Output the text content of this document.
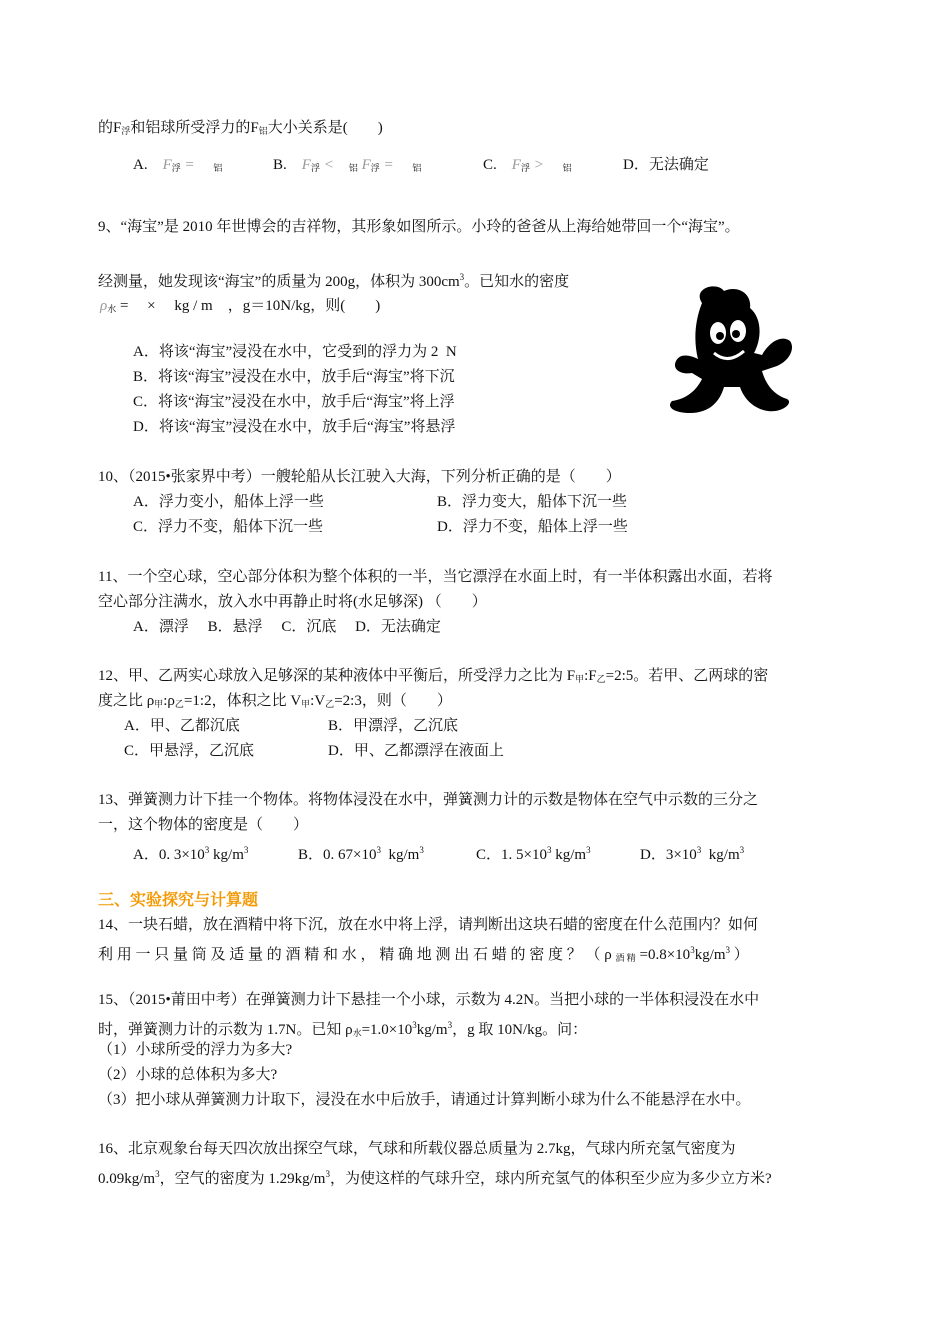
的$F_浮$和铝球所受浮力的$F_铝$大小关系是(　　)
A.　$F_浮$ =　 $_铝$	B.　$F_浮$ <　$_铝$ $F_浮$ =　 $_铝$	C.　$F_浮$ >　 $_铝$	D．无法确定
9、“海宝”是 2010 年世博会的吉祥物，其形象如图所示。小玲的爸爸从上海给她带回一个“海宝”。
经测量，她发现该“海宝”的质量为 200g，体积为 $300cm^3$。已知水的密度
$\rho_水$ =　 ×　 kg / m　，g＝10N/kg，则(　　)
A．将该“海宝”浸没在水中，它受到的浮力为 2  N
B．将该“海宝”浸没在水中，放手后“海宝”将下沉
C．将该“海宝”浸没在水中，放手后“海宝”将上浮
D．将该“海宝”浸没在水中，放手后“海宝”将悬浮
10、（2015•张家界中考）一艘轮船从长江驶入大海，下列分析正确的是（　　）
A．浮力变小，船体上浮一些	B．浮力变大，船体下沉一些
C．浮力不变，船体下沉一些	D．浮力不变，船体上浮一些
11、一个空心球，空心部分体积为整个体积的一半，当它漂浮在水面上时，有一半体积露出水面，若将
空心部分注满水，放入水中再静止时将(水足够深) （　　）
A．漂浮　 B．悬浮　 C．沉底　 D．无法确定
12、甲、乙两实心球放入足够深的某种液体中平衡后，所受浮力之比为 $F_甲:F_乙=2:5$。若甲、乙两球的密
度之比 $\rho_甲:\rho_乙=1:2$，体积之比 $V_甲:V_乙=2:3$，则（　　）
A．甲、乙都沉底	B．甲漂浮，乙沉底
C．甲悬浮，乙沉底	D．甲、乙都漂浮在液面上
13、弹簧测力计下挂一个物体。将物体浸没在水中，弹簧测力计的示数是物体在空气中示数的三分之
一，这个物体的密度是（　　）
A．0. $3\times 10^3$ $kg/m^3$	B．0. $67\times 10^3$  $kg/m^3$	C．1. $5\times 10^3$ $kg/m^3$	D．$3\times 10^3$  $kg/m^3$
三、实验探究与计算题
14、一块石蜡，放在酒精中将下沉，放在水中将上浮，请判断出这块石蜡的密度在什么范围内？如何
利 用 一 只 量 筒 及 适 量 的 酒 精 和 水 ， 精 确 地 测 出 石 蜡 的 密 度 ？ （ ρ $_{酒 精} =0.8\times 10^3kg/m^3$ ）
15、（2015•莆田中考）在弹簧测力计下悬挂一个小球，示数为 4.2N。当把小球的一半体积浸没在水中
时，弹簧测力计的示数为 1.7N。已知 $\rho_水=1.0\times 10^3kg/m^3$，g 取 10N/kg。问：
（1）小球所受的浮力为多大?
（2）小球的总体积为多大?
（3）把小球从弹簧测力计取下，浸没在水中后放手，请通过计算判断小球为什么不能悬浮在水中。
16、北京观象台每天四次放出探空气球，气球和所载仪器总质量为 2.7kg，气球内所充氢气密度为
$0.09kg/m^3$，空气的密度为 $1.29kg/m^3$，为使这样的气球升空，球内所充氢气的体积至少应为多少立方米?
